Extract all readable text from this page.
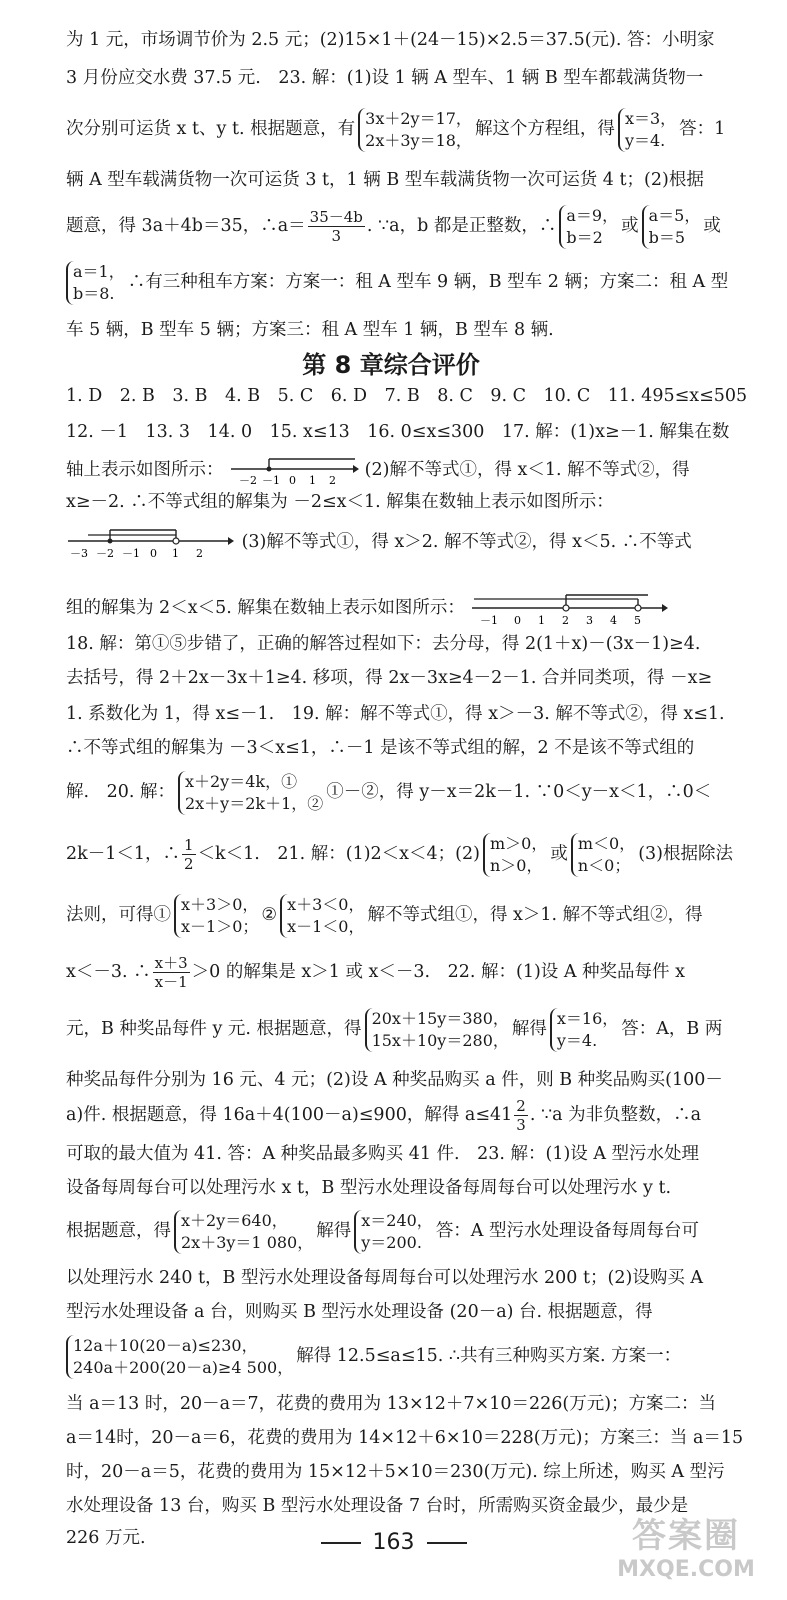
为 1 元，市场调节价为 2.5 元；(2)15×1＋(24－15)×2.5＝37.5(元). 答：小明家
3 月份应交水费 37.5 元.　23. 解：(1)设 1 辆 A 型车、1 辆 B 型车都载满货物一
次分别可运货 x t、y t. 根据题意，有
3x＋2y＝17，
2x＋3y＝18，
解这个方程组，得
x＝3，
y＝4.
答：1
辆 A 型车载满货物一次可运货 3 t，1 辆 B 型车载满货物一次可运货 4 t；(2)根据
题意，得 3a＋4b＝35，∴a＝ $\frac{35-4b}{3}$ . ∵a，b 都是正整数，∴
a＝9，
b＝2
或
a＝5，
b＝5
或
a＝1，
b＝8.
∴有三种租车方案：方案一：租 A 型车 9 辆，B 型车 2 辆；方案二：租 A 型
车 5 辆，B 型车 5 辆；方案三：租 A 型车 1 辆，B 型车 8 辆.
第 8 章综合评价
1. D　2. B　3. B　4. B　5. C　6. D　7. B　8. C　9. C　10. C　11. 495≤x≤505
12. －1　13. 3　14. 0　15. x≤13　16. 0≤x≤300　17. 解：(1)x≥－1. 解集在数
轴上表示如图所示： －2 －1 0 1 2 (2)解不等式①，得 x＜1. 解不等式②，得
x≥－2. ∴不等式组的解集为 －2≤x＜1. 解集在数轴上表示如图所示：
－3 －2 －1 0 1 2
(3)解不等式①，得 x＞2. 解不等式②，得 x＜5. ∴不等式
组的解集为 2＜x＜5. 解集在数轴上表示如图所示：
－1 0 1 2 3 4 5
18. 解：第①⑤步错了，正确的解答过程如下：去分母，得 2(1＋x)－(3x－1)≥4.
去括号，得 2＋2x－3x＋1≥4. 移项，得 2x－3x≥4－2－1. 合并同类项，得 －x≥
1. 系数化为 1，得 x≤－1.　19. 解：解不等式①，得 x＞－3. 解不等式②，得 x≤1.
∴不等式组的解集为 －3＜x≤1，∴－1 是该不等式组的解，2 不是该不等式组的
解.　20. 解：
x＋2y＝4k，①
2x＋y＝2k＋1，②
①－②，得 y－x＝2k－1. ∵0＜y－x＜1，∴0＜
2k－1＜1，∴ $\frac{1}{2} <k<1$.　21. 解：(1)2＜x＜4；(2)
m＞0，
n＞0，
或
m＜0，
n＜0；
(3)根据除法
法则，可得①
x＋3＞0，
x－1＞0；
②
x＋3＜0，
x－1＜0，
解不等式组①，得 x＞1. 解不等式组②，得
x＜－3. ∴ $\frac{x+3}{x-1} >0$ 的解集是 x＞1 或 x＜－3.　22. 解：(1)设 A 种奖品每件 x
元，B 种奖品每件 y 元. 根据题意，得
20x＋15y＝380，
15x＋10y＝280，
解得
x＝16，
y＝4.
答：A，B 两
种奖品每件分别为 16 元、4 元；(2)设 A 种奖品购买 a 件，则 B 种奖品购买(100－
a)件. 根据题意，得 16a＋4(100－a)≤900，解得 $a\le 41 \frac{2}{3}$ . ∵a 为非负整数，∴a
可取的最大值为 41. 答：A 种奖品最多购买 41 件.　23. 解：(1)设 A 型污水处理
设备每周每台可以处理污水 x t，B 型污水处理设备每周每台可以处理污水 y t.
根据题意，得
x＋2y＝640，
2x＋3y＝1 080，
解得
x＝240，
y＝200.
答：A 型污水处理设备每周每台可
以处理污水 240 t，B 型污水处理设备每周每台可以处理污水 200 t；(2)设购买 A
型污水处理设备 a 台，则购买 B 型污水处理设备 (20－a) 台. 根据题意，得
12a＋10(20－a)≤230，
240a＋200(20－a)≥4 500，
解得 12.5≤a≤15. ∴共有三种购买方案. 方案一：
当 a＝13 时，20－a＝7，花费的费用为 13×12＋7×10＝226(万元)；方案二：当
a＝14时，20－a＝6，花费的费用为 14×12＋6×10＝228(万元)；方案三：当 a＝15
时，20－a＝5，花费的费用为 15×12＋5×10＝230(万元). 综上所述，购买 A 型污
水处理设备 13 台，购买 B 型污水处理设备 7 台时，所需购买资金最少，最少是
226 万元.	163	答案圈
MXQE.COM
